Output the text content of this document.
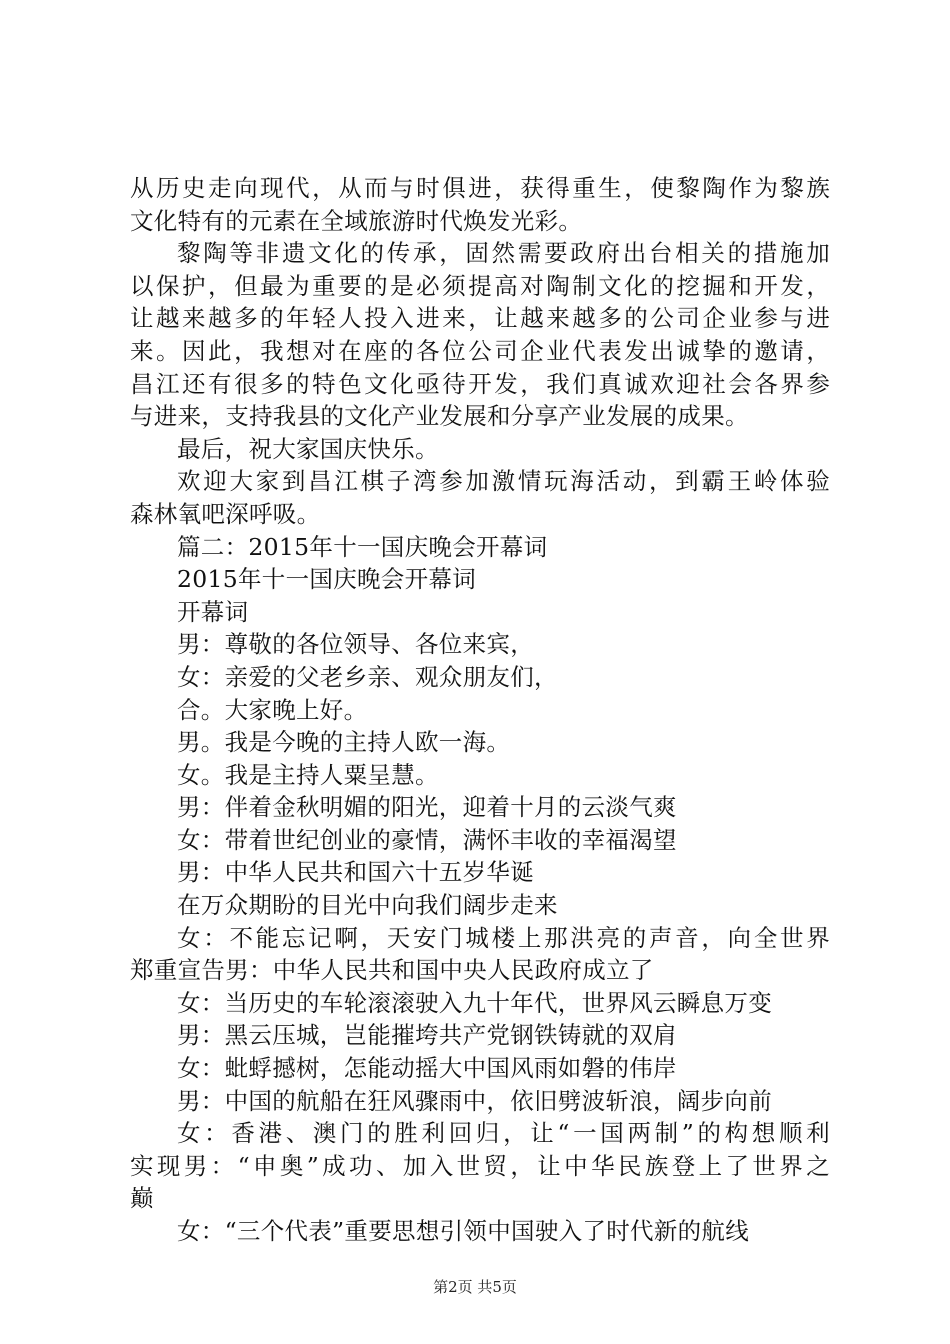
从 历 史 走 向 现 代 ， 从 而 与 时 俱 进 ， 获 得 重 生 ， 使 黎 陶 作 为 黎 族
文化特有的元素在全域旅游时代焕发光彩。
黎 陶 等 非 遗 文 化 的 传 承 ， 固 然 需 要 政 府 出 台 相 关 的 措 施 加
以 保 护 ， 但 最 为 重 要 的 是 必 须 提 高 对 陶 制 文 化 的 挖 掘 和 开 发 ，
让 越 来 越 多 的 年 轻 人 投 入 进 来 ， 让 越 来 越 多 的 公 司 企 业 参 与 进
来 。 因 此 ， 我 想 对 在 座 的 各 位 公 司 企 业 代 表 发 出 诚 挚 的 邀 请 ，
昌 江 还 有 很 多 的 特 色 文 化 亟 待 开 发 ， 我 们 真 诚 欢 迎 社 会 各 界 参
与进来，支持我县的文化产业发展和分享产业发展的成果。
最后，祝大家国庆快乐。
欢 迎 大 家 到 昌 江 棋 子 湾 参 加 激 情 玩 海 活 动 ， 到 霸 王 岭 体 验
森林氧吧深呼吸。
篇二：2015年十一国庆晚会开幕词
2015年十一国庆晚会开幕词
开幕词
男：尊敬的各位领导、各位来宾，
女：亲爱的父老乡亲、观众朋友们，
合。大家晚上好。
男。我是今晚的主持人欧一海。
女。我是主持人粟呈慧。
男：伴着金秋明媚的阳光，迎着十月的云淡气爽
女：带着世纪创业的豪情，满怀丰收的幸福渴望
男：中华人民共和国六十五岁华诞
在万众期盼的目光中向我们阔步走来
女 ： 不 能 忘 记 啊 ， 天 安 门 城 楼 上 那 洪 亮 的 声 音 ， 向 全 世 界
郑重宣告男：中华人民共和国中央人民政府成立了
女：当历史的车轮滚滚驶入九十年代，世界风云瞬息万变
男：黑云压城，岂能摧垮共产党钢铁铸就的双肩
女：蚍蜉撼树，怎能动摇大中国风雨如磐的伟岸
男：中国的航船在狂风骤雨中，依旧劈波斩浪，阔步向前
女 ： 香 港 、 澳 门 的 胜 利 回 归 ， 让 “ 一 国 两 制 ” 的 构 想 顺 利
实 现 男 ： “ 申 奥 ” 成 功 、 加 入 世 贸 ， 让 中 华 民 族 登 上 了 世 界 之
巅
女：“三个代表”重要思想引领中国驶入了时代新的航线
第2页 共5页
